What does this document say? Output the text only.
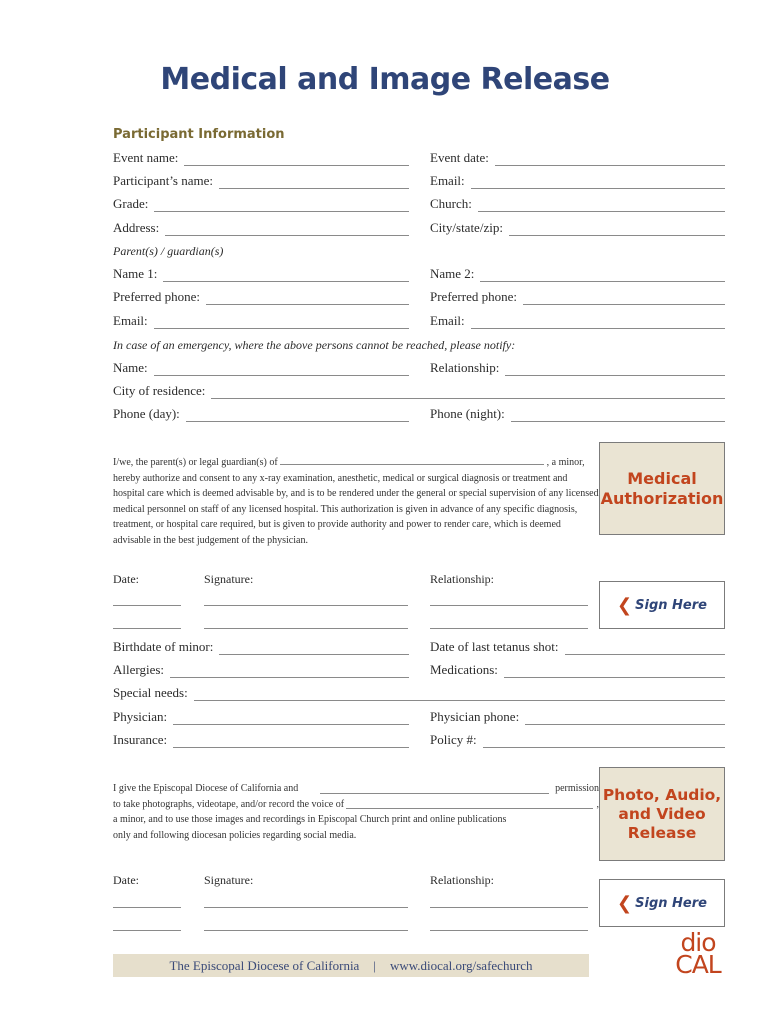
Medical and Image Release
Participant Information
Event name:	Event date:
Participant’s name:	Email:
Grade:	Church:
Address:	City/state/zip:
Parent(s) / guardian(s)
Name 1:	Name 2:
Preferred phone:	Preferred phone:
Email:	Email:
In case of an emergency, where the above persons cannot be reached, please notify:
Name:	Relationship:
City of residence:
Phone (day):	Phone (night):
I/we, the parent(s) or legal guardian(s) of	, a minor, hereby authorize and consent to any x-ray examination, anesthetic, medical or surgical diagnosis or treatment and hospital care which is deemed advisable by, and is to be rendered under the general or special supervision of any licensed medical personnel on staff of any licensed hospital. This authorization is given in advance of any specific diagnosis, treatment, or hospital care required, but is given to provide authority and power to render care, which is deemed advisable in the best judgement of the physician.
Medical
Authorization
Date:	Signature:	Relationship:
❮ Sign Here
Birthdate of minor:	Date of last tetanus shot:
Allergies:	Medications:
Special needs:
Physician:	Physician phone:
Insurance:	Policy #:
I give the Episcopal Diocese of California and	permission
to take photographs, videotape, and/or record the voice of	,
a minor, and to use those images and recordings in Episcopal Church print and online publications
only and following diocesan policies regarding social media.
Photo, Audio,
and Video
Release
Date:	Signature:	Relationship:
❮ Sign Here
The Episcopal Diocese of California | www.diocal.org/safechurch
dio
CAL
